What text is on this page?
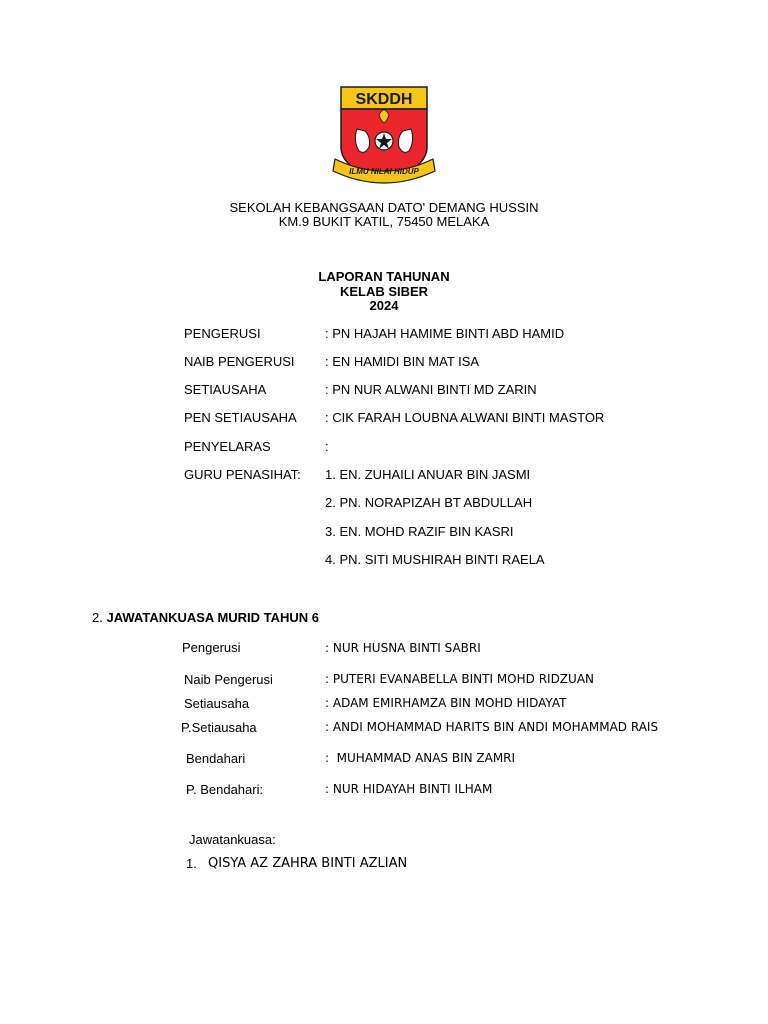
SKDDH
ILMU NILAI HIDUP
SEKOLAH KEBANGSAAN DATO' DEMANG HUSSIN
KM.9 BUKIT KATIL, 75450 MELAKA
LAPORAN TAHUNAN
KELAB SIBER
2024
PENGERUSI	: PN HAJAH HAMIME BINTI ABD HAMID
NAIB PENGERUSI : EN HAMIDI BIN MAT ISA
SETIAUSAHA	: PN NUR ALWANI BINTI MD ZARIN
PEN SETIAUSAHA : CIK FARAH LOUBNA ALWANI BINTI MASTOR
PENYELARAS	:
GURU PENASIHAT: 1. EN. ZUHAILI ANUAR BIN JASMI
2. PN. NORAPIZAH BT ABDULLAH
3. EN. MOHD RAZIF BIN KASRI
4. PN. SITI MUSHIRAH BINTI RAELA
2. JAWATANKUASA MURID TAHUN 6
Pengerusi	: NUR HUSNA BINTI SABRI
Naib Pengerusi	: PUTERI EVANABELLA BINTI MOHD RIDZUAN
Setiausaha	: ADAM EMIRHAMZA BIN MOHD HIDAYAT
P.Setiausaha	: ANDI MOHAMMAD HARITS BIN ANDI MOHAMMAD RAIS
Bendahari	:  MUHAMMAD ANAS BIN ZAMRI
P. Bendahari:	: NUR HIDAYAH BINTI ILHAM
Jawatankuasa:
1. QISYA AZ ZAHRA BINTI AZLIAN
